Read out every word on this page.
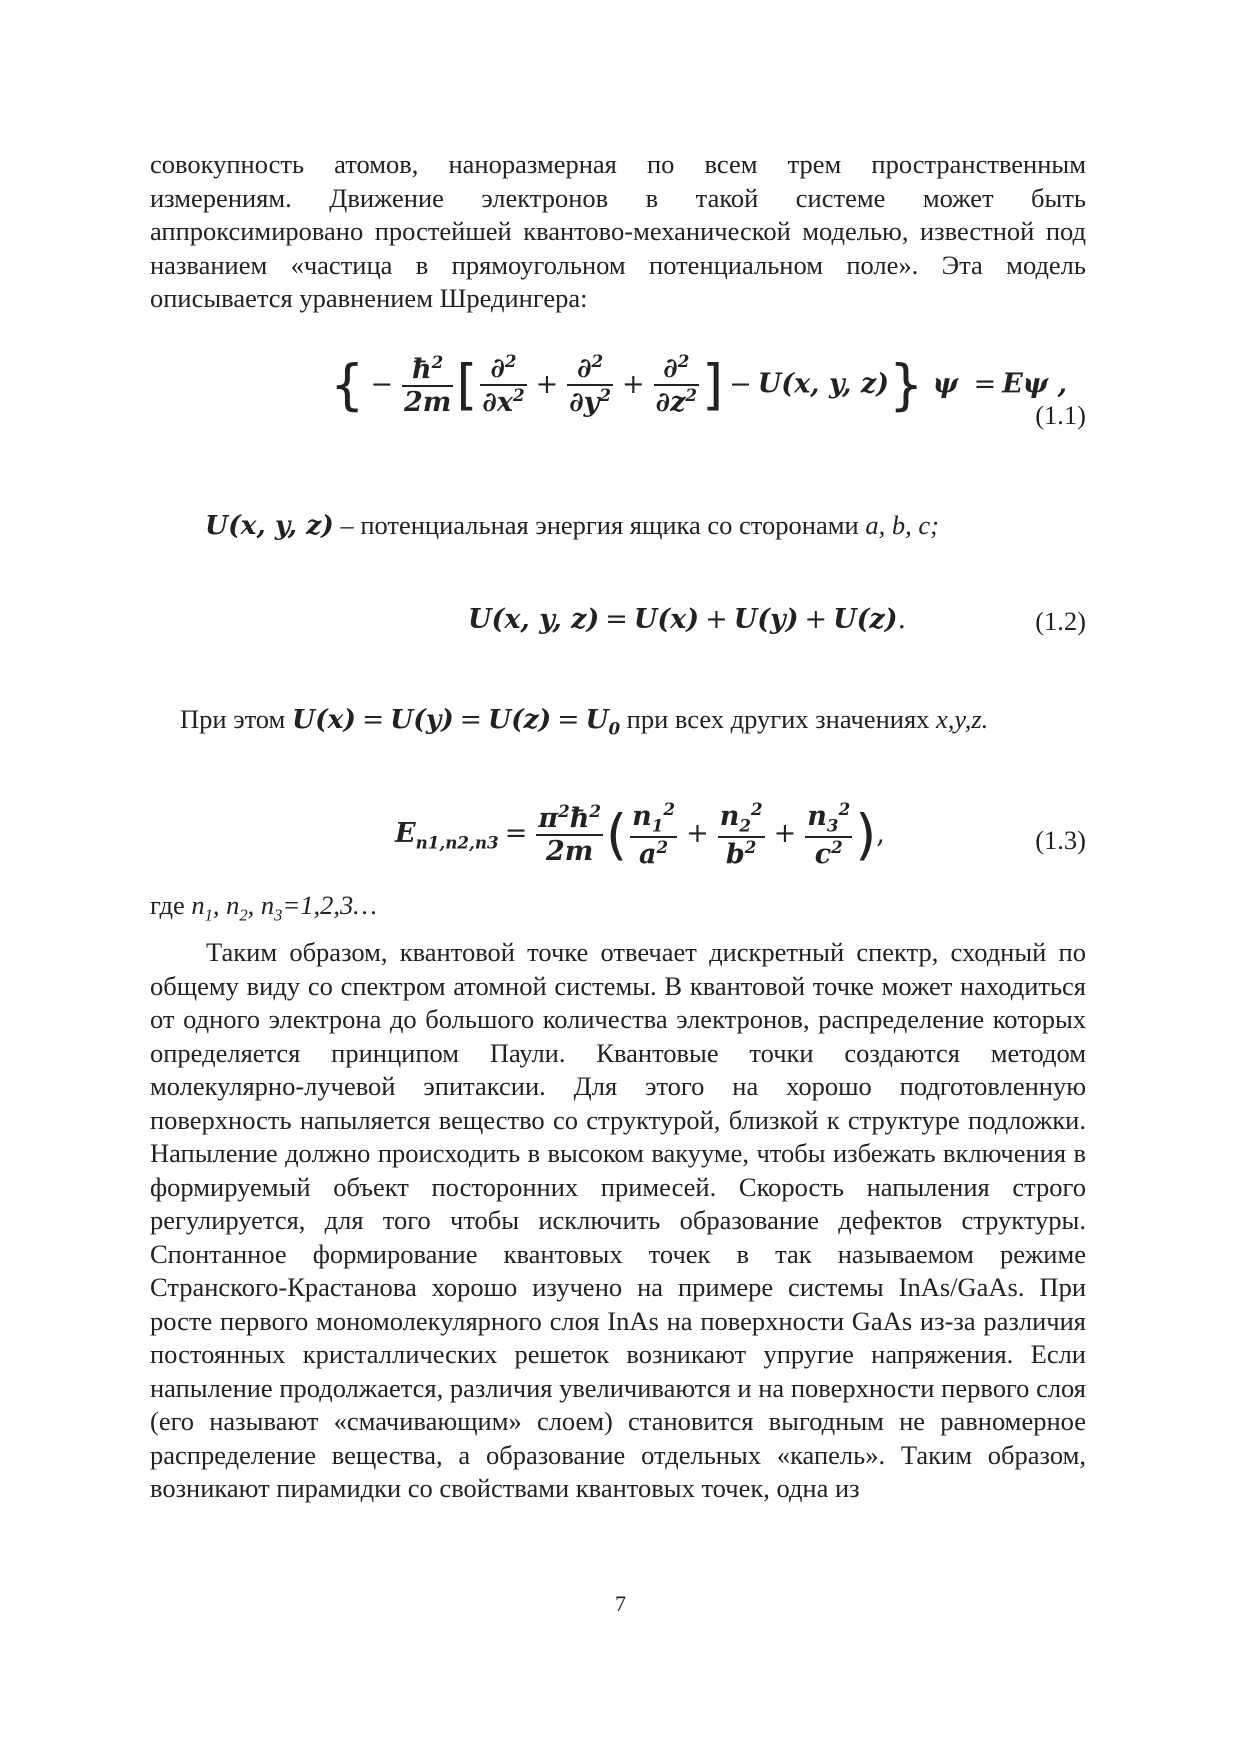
совокупность атомов, наноразмерная по всем трем пространственным измерениям. Движение электронов в такой системе может быть аппроксимировано простейшей квантово-механической моделью, известной под названием «частица в прямоугольном потенциальном поле». Эта модель описывается уравнением Шредингера:

{ − $\frac{ħ^2}{2m}$ [ $\frac{\partial^2}{\partial x^2} + \frac{\partial^2}{\partial y^2} + \frac{\partial^2}{\partial z^2}$ ] − U(x, y, z)} ψ = Eψ ,
(1.1)
U(x, y, z) – потенциальная энергия ящика со сторонами a, b, c;
U(x, y, z) = U(x) + U(y) + U(z).	(1.2)
При этом $U(x) = U(y) = U(z) = U_0$ при всех других значениях x,y,z.
$E_{n1,n2,n3} = \frac{\pi^2ħ^2}{2m}$ ( $\frac{n_1^2}{a^2} + \frac{n_2^2}{b^2} + \frac{n_3^2}{c^2}$ ),	(1.3)
где $n_1$, $n_2$, $n_3=1,2,3\dots$

Таким образом, квантовой точке отвечает дискретный спектр, сходный по общему виду со спектром атомной системы. В квантовой точке может находиться от одного электрона до большого количества электронов, распределение которых определяется принципом Паули. Квантовые точки создаются методом молекулярно-лучевой эпитаксии. Для этого на хорошо подготовленную поверхность напыляется вещество со структурой, близкой к структуре подложки. Напыление должно происходить в высоком вакууме, чтобы избежать включения в формируемый объект посторонних примесей. Скорость напыления строго регулируется, для того чтобы исключить образование дефектов структуры. Спонтанное формирование квантовых точек в так называемом режиме Странского-Крастанова хорошо изучено на примере системы InAs/GaAs. При росте первого мономолекулярного слоя InAs на поверхности GaAs из-за различия постоянных кристаллических решеток возникают упругие напряжения. Если напыление продолжается, различия увеличиваются и на поверхности первого слоя (его называют «смачивающим» слоем) становится выгодным не равномерное распределение вещества, а образование отдельных «капель». Таким образом, возникают пирамидки со свойствами квантовых точек, одна из

7
